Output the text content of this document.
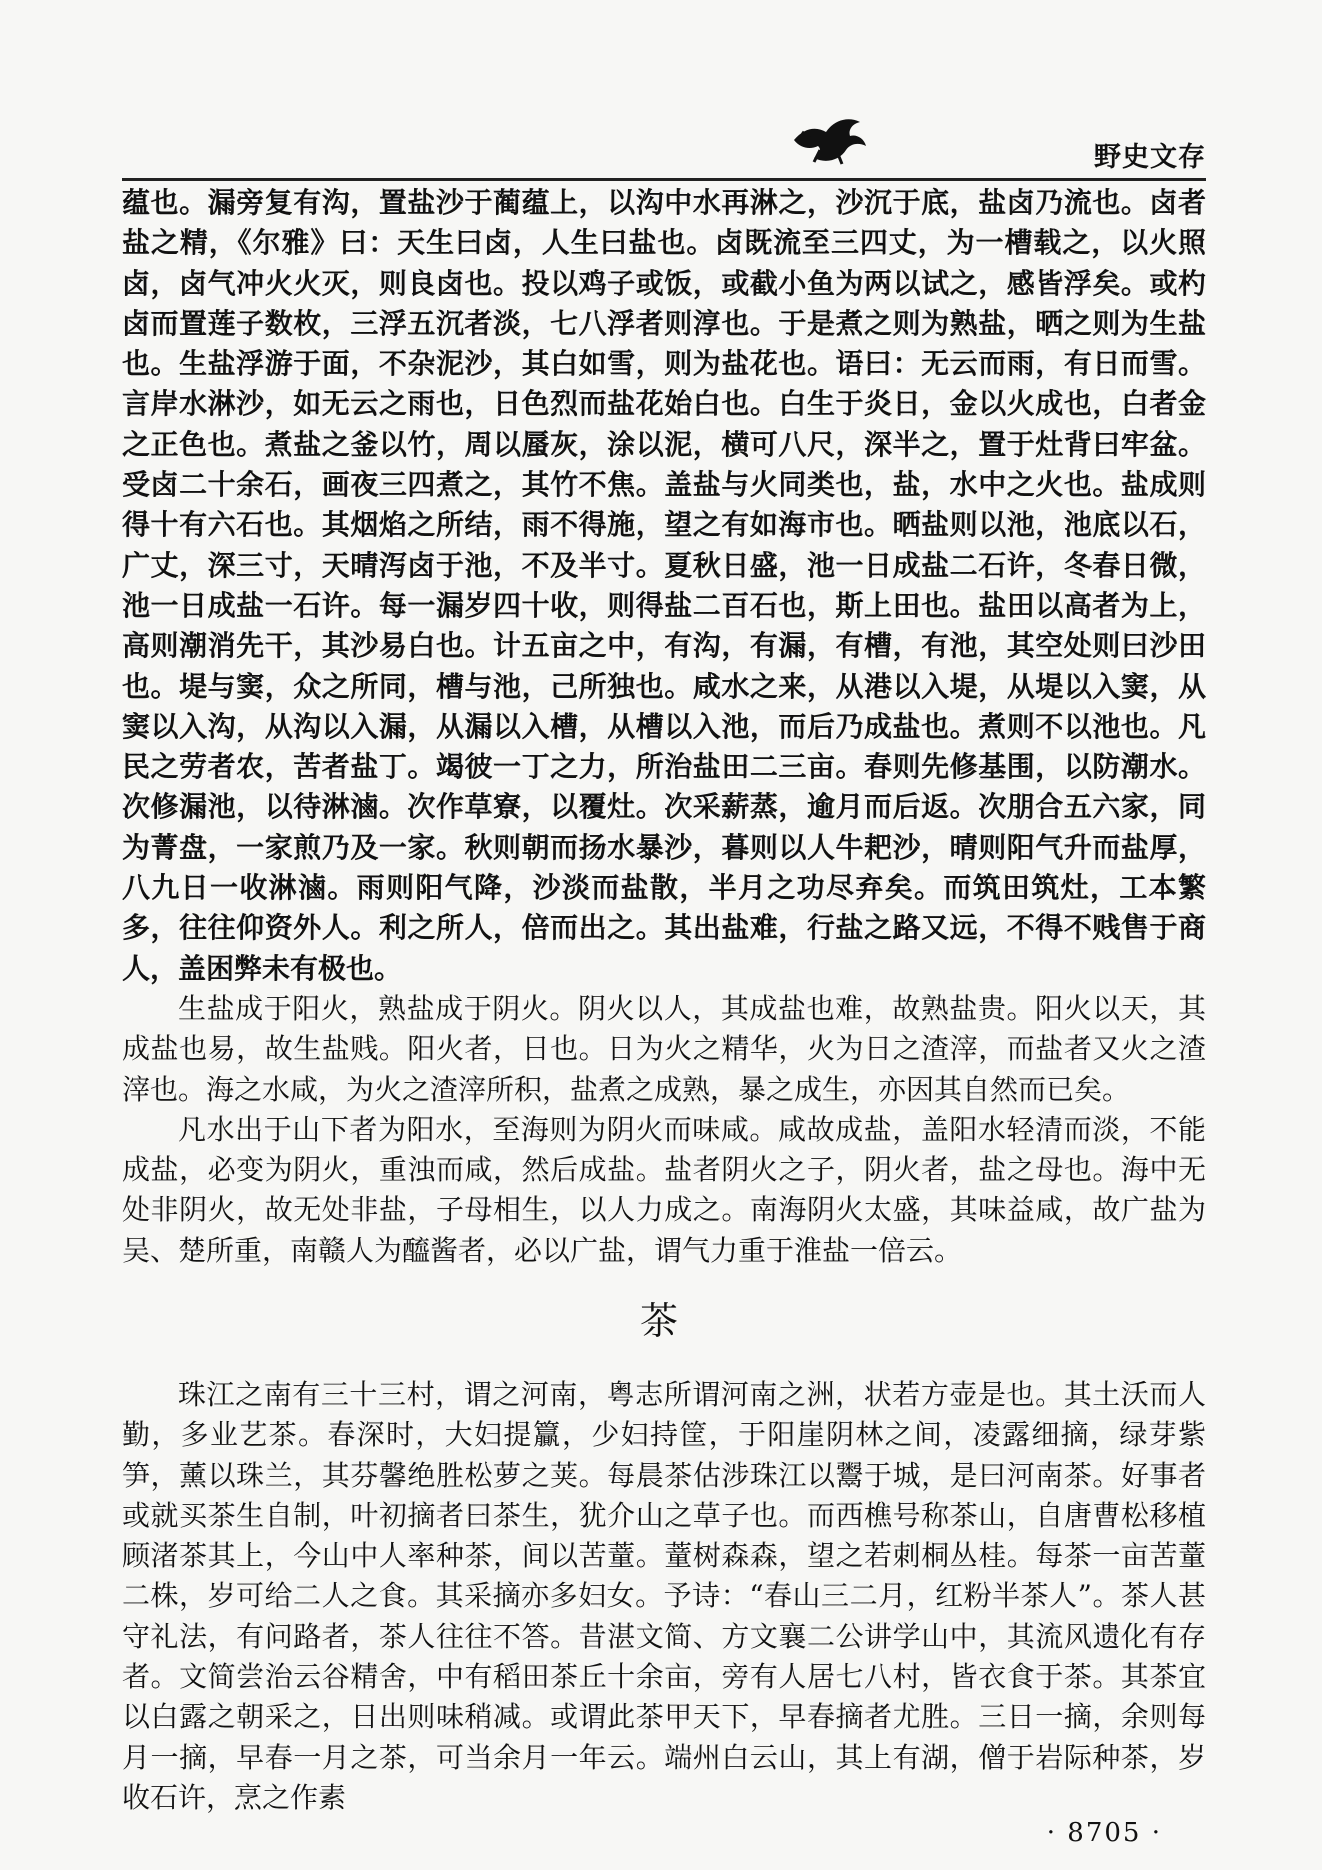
野史文存

蕴也。漏旁复有沟，置盐沙于蔺蕴上，以沟中水再淋之，沙沉于底，盐卤乃流也。卤者盐之精，《尔雅》曰：天生曰卤，人生曰盐也。卤既流至三四丈，为一槽载之，以火照卤，卤气冲火火灭，则良卤也。投以鸡子或饭，或截小鱼为两以试之，感皆浮矣。或杓卤而置莲子数枚，三浮五沉者淡，七八浮者则淳也。于是煮之则为熟盐，晒之则为生盐也。生盐浮游于面，不杂泥沙，其白如雪，则为盐花也。语曰：无云而雨，有日而雪。言岸水淋沙，如无云之雨也，日色烈而盐花始白也。白生于炎日，金以火成也，白者金之正色也。煮盐之釜以竹，周以蜃灰，涂以泥，横可八尺，深半之，置于灶背曰牢盆。受卤二十余石，画夜三四煮之，其竹不焦。盖盐与火同类也，盐，水中之火也。盐成则得十有六石也。其烟焰之所结，雨不得施，望之有如海市也。晒盐则以池，池底以石，广丈，深三寸，天晴泻卤于池，不及半寸。夏秋日盛，池一日成盐二石许，冬春日微，池一日成盐一石许。每一漏岁四十收，则得盐二百石也，斯上田也。盐田以高者为上，高则潮消先干，其沙易白也。计五亩之中，有沟，有漏，有槽，有池，其空处则曰沙田也。堤与窦，众之所同，槽与池，己所独也。咸水之来，从港以入堤，从堤以入窦，从窦以入沟，从沟以入漏，从漏以入槽，从槽以入池，而后乃成盐也。煮则不以池也。凡民之劳者农，苦者盐丁。竭彼一丁之力，所治盐田二三亩。春则先修基围，以防潮水。次修漏池，以待淋滷。次作草寮，以覆灶。次采薪蒸，逾月而后返。次朋合五六家，同为菁盘，一家煎乃及一家。秋则朝而扬水暴沙，暮则以人牛耙沙，晴则阳气升而盐厚，八九日一收淋滷。雨则阳气降，沙淡而盐散，半月之功尽弃矣。而筑田筑灶，工本繁多，往往仰资外人。利之所人，倍而出之。其出盐难，行盐之路又远，不得不贱售于商人，盖困弊未有极也。

生盐成于阳火，熟盐成于阴火。阴火以人，其成盐也难，故熟盐贵。阳火以天，其成盐也易，故生盐贱。阳火者，日也。日为火之精华，火为日之渣滓，而盐者又火之渣滓也。海之水咸，为火之渣滓所积，盐煮之成熟，暴之成生，亦因其自然而已矣。

凡水出于山下者为阳水，至海则为阴火而味咸。咸故成盐，盖阳水轻清而淡，不能成盐，必变为阴火，重浊而咸，然后成盐。盐者阴火之子，阴火者，盐之母也。海中无处非阴火，故无处非盐，子母相生，以人力成之。南海阴火太盛，其味益咸，故广盐为吴、楚所重，南赣人为醯酱者，必以广盐，谓气力重于淮盐一倍云。

茶

珠江之南有三十三村，谓之河南，粤志所谓河南之洲，状若方壶是也。其土沃而人勤，多业艺茶。春深时，大妇提籯，少妇持筐，于阳崖阴林之间，凌露细摘，绿芽紫笋，薰以珠兰，其芬馨绝胜松萝之荚。每晨茶估涉珠江以鬻于城，是曰河南茶。好事者或就买茶生自制，叶初摘者曰茶生，犹介山之草子也。而西樵号称茶山，自唐曹松移植顾渚茶其上，今山中人率种茶，间以苦蕫。蕫树森森，望之若刺桐丛桂。每茶一亩苦蕫二株，岁可给二人之食。其采摘亦多妇女。予诗：“春山三二月，红粉半茶人”。茶人甚守礼法，有问路者，茶人往往不答。昔湛文简、方文襄二公讲学山中，其流风遗化有存者。文简尝治云谷精舍，中有稻田茶丘十余亩，旁有人居七八村，皆衣食于茶。其茶宜以白露之朝采之，日出则味稍减。或谓此茶甲天下，早春摘者尤胜。三日一摘，余则每月一摘，早春一月之茶，可当余月一年云。端州白云山，其上有湖，僧于岩际种茶，岁收石许，烹之作素

· 8705 ·
